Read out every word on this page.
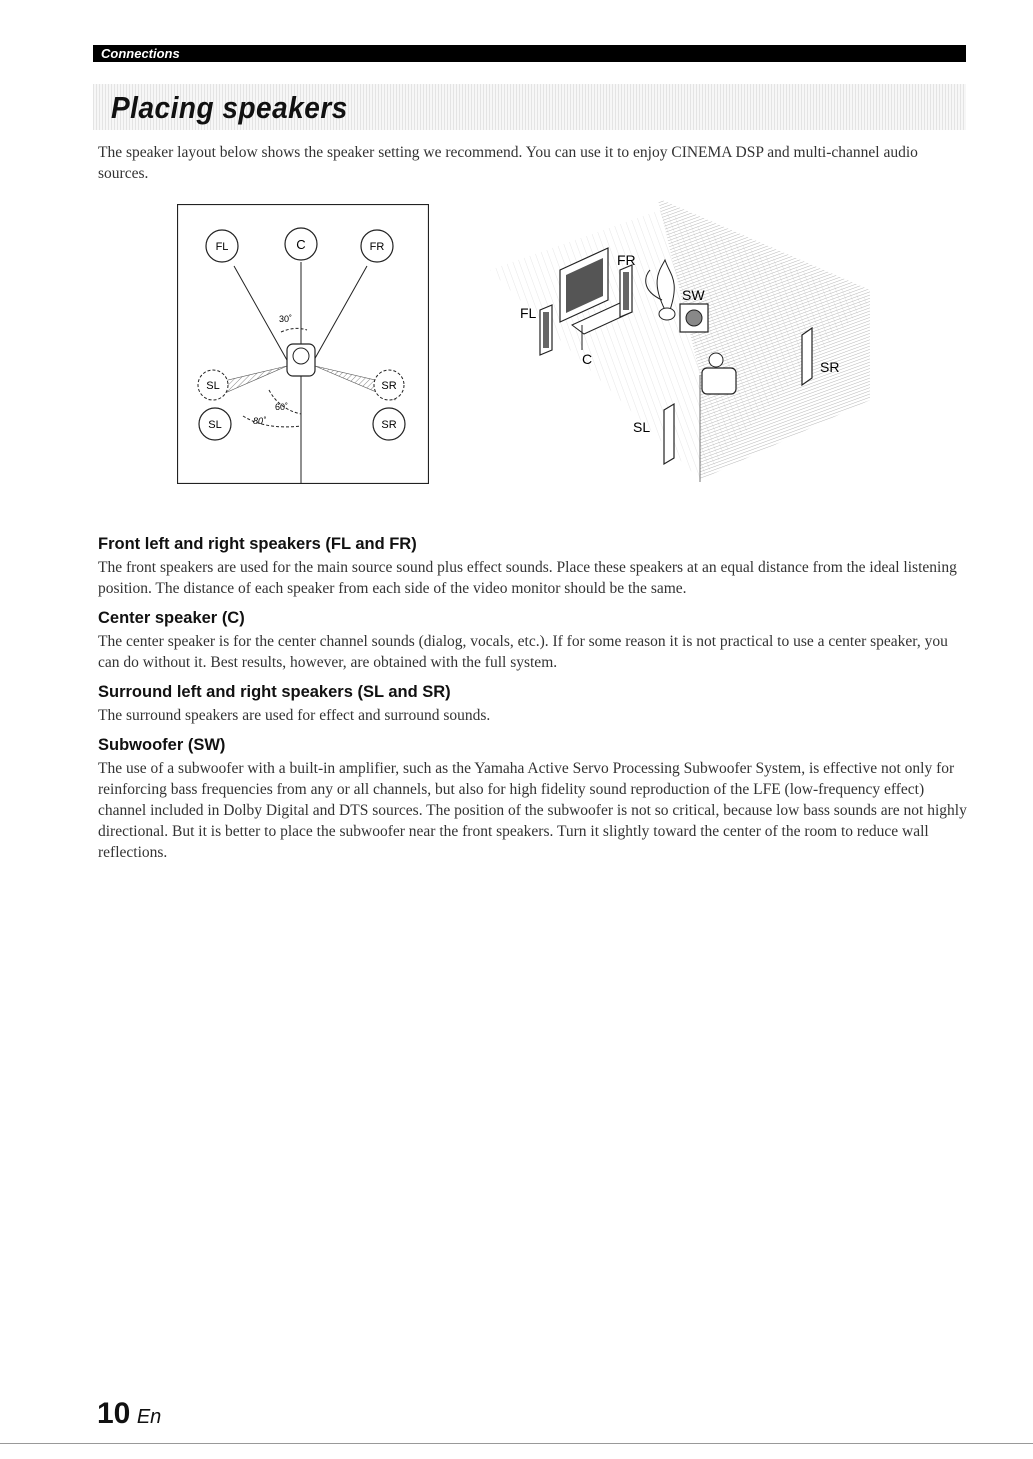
Connections
Placing speakers

The speaker layout below shows the speaker setting we recommend. You can use it to enjoy CINEMA DSP and multi-channel audio sources.

FL	C	FR
SL	SR
SL	SR
30˚
60˚
80˚
FL
FR
C
SW
SR
SL
Front left and right speakers (FL and FR)

The front speakers are used for the main source sound plus effect sounds. Place these speakers at an equal distance from the ideal listening position. The distance of each speaker from each side of the video monitor should be the same.

Center speaker (C)

The center speaker is for the center channel sounds (dialog, vocals, etc.). If for some reason it is not practical to use a center speaker, you can do without it. Best results, however, are obtained with the full system.

Surround left and right speakers (SL and SR)

The surround speakers are used for effect and surround sounds.

Subwoofer (SW)

The use of a subwoofer with a built-in amplifier, such as the Yamaha Active Servo Processing Subwoofer System, is effective not only for reinforcing bass frequencies from any or all channels, but also for high fidelity sound reproduction of the LFE (low-frequency effect) channel included in Dolby Digital and DTS sources. The position of the subwoofer is not so critical, because low bass sounds are not highly directional. But it is better to place the subwoofer near the front speakers. Turn it slightly toward the center of the room to reduce wall reflections.

10 En
